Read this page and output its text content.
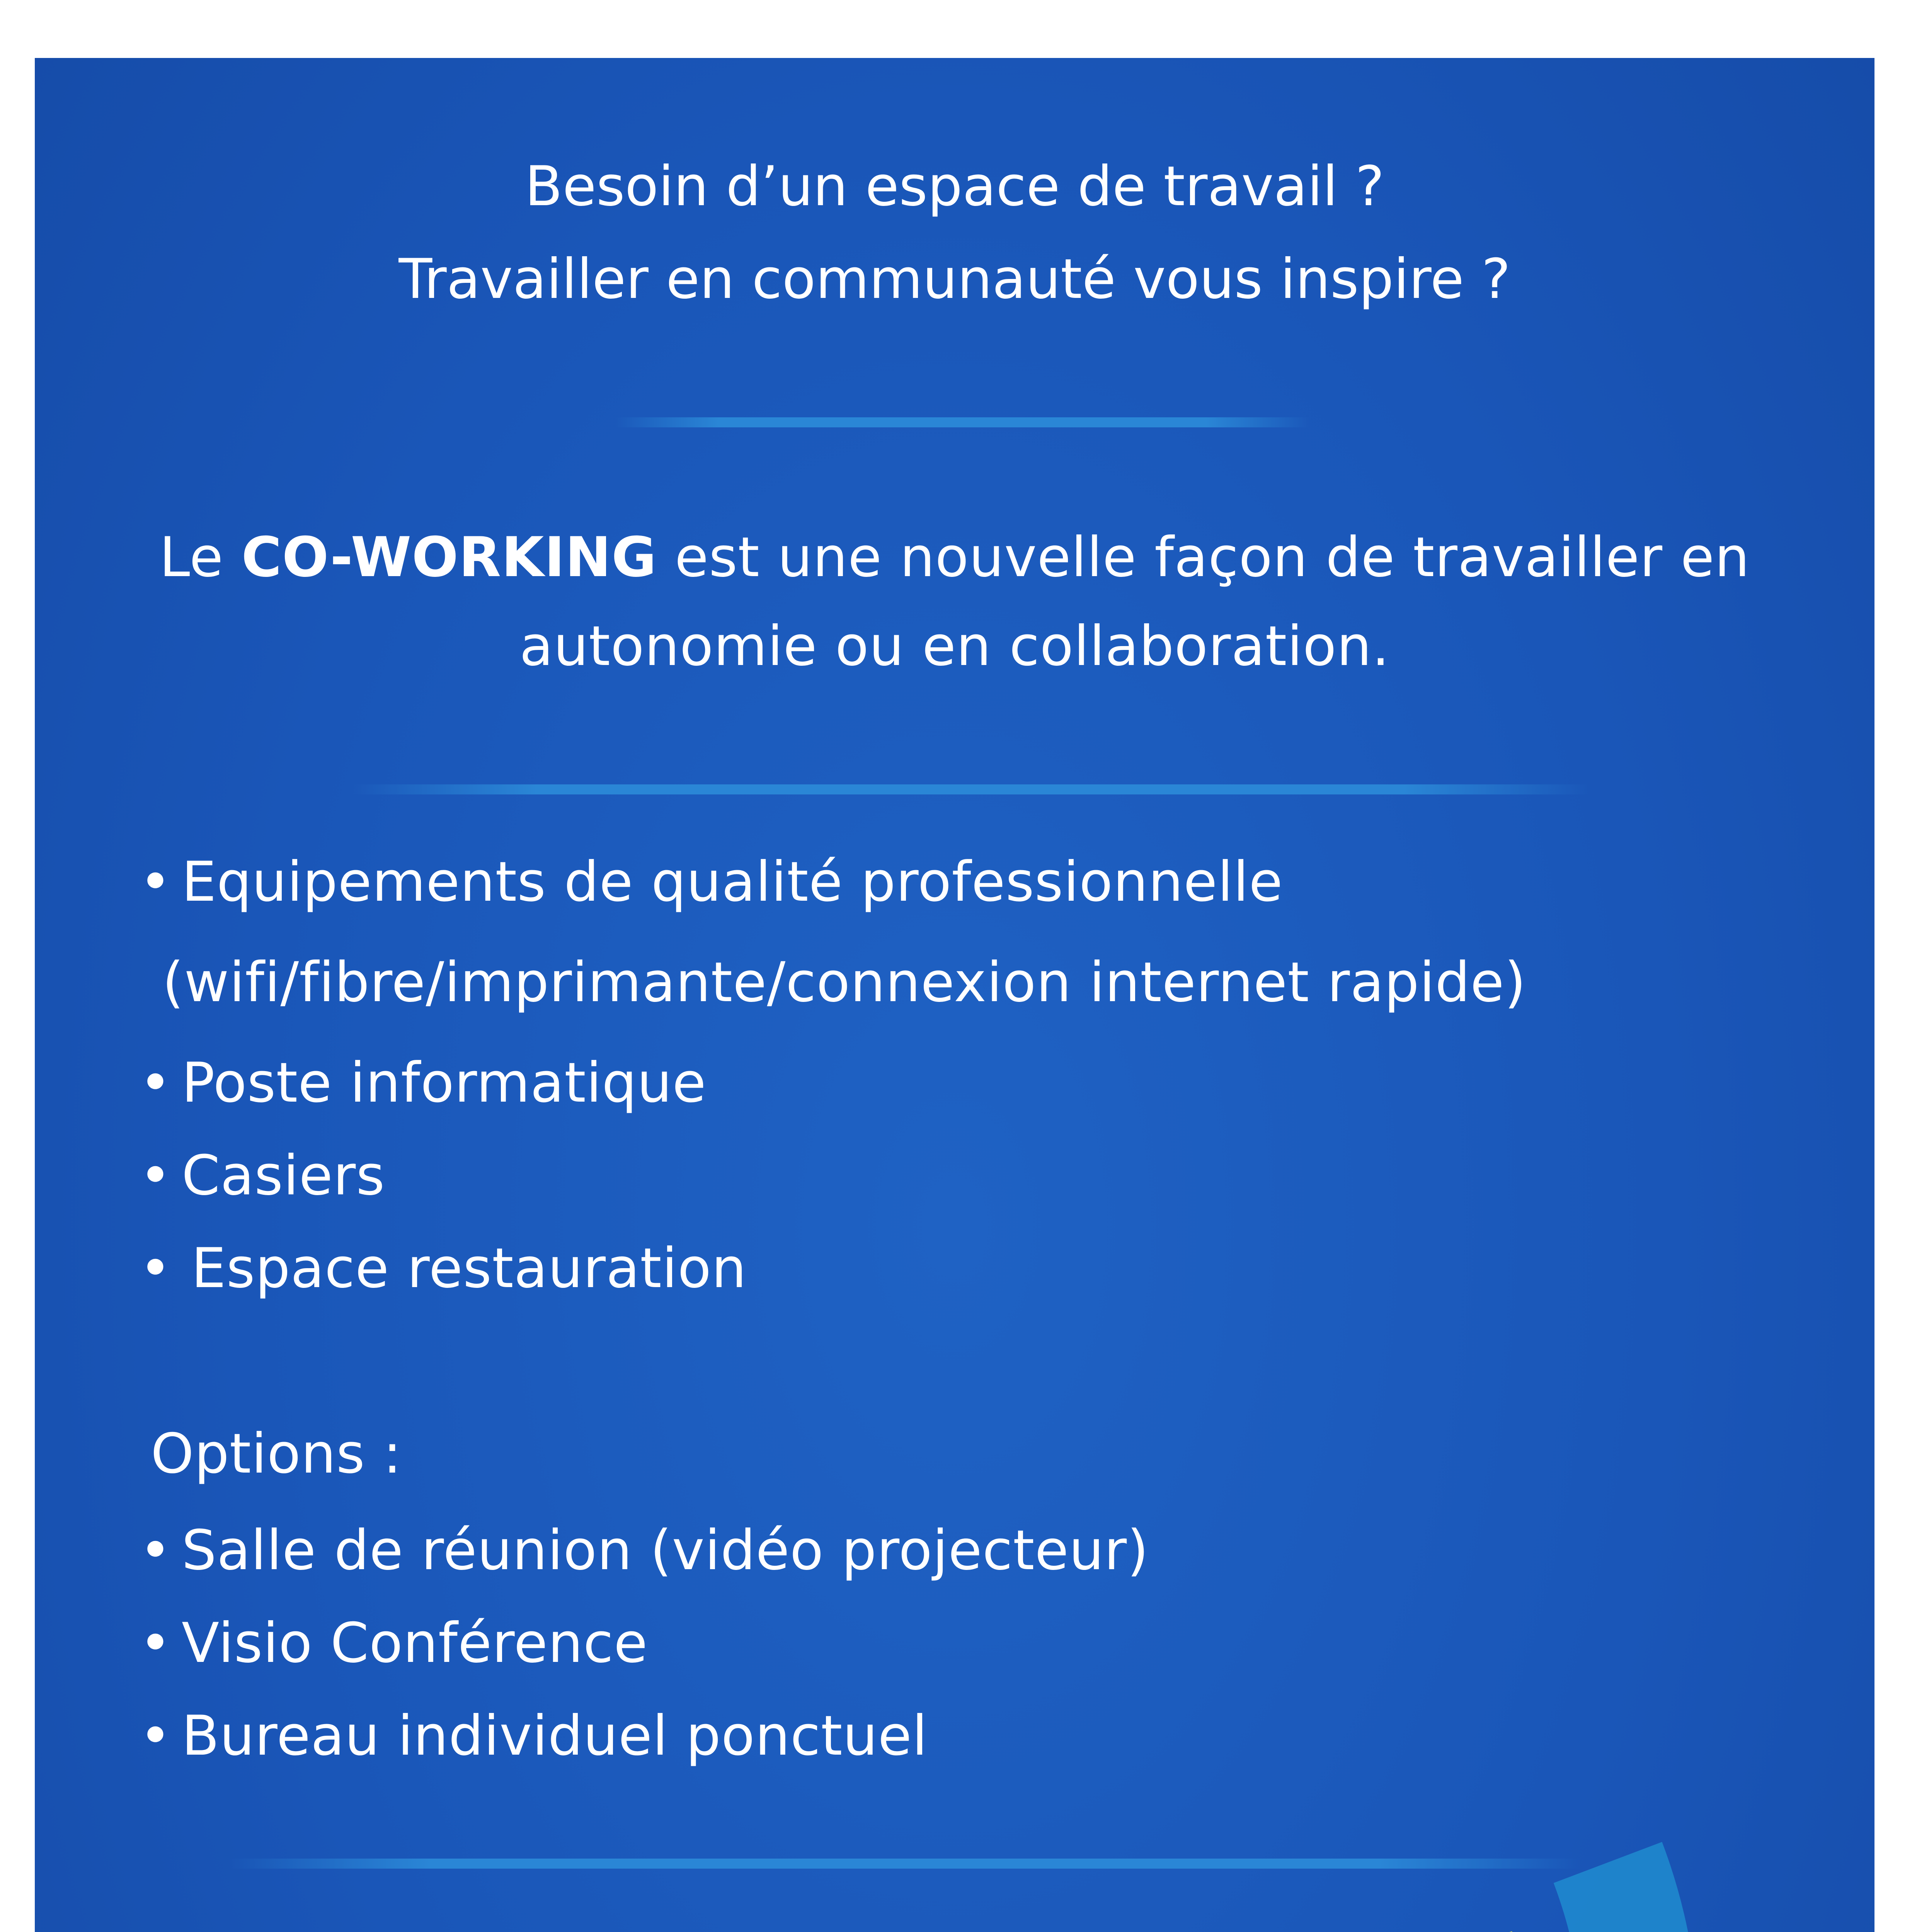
Besoin d’un espace de travail ?

Travailler en communauté vous inspire ?

Le CO-WORKING est une nouvelle façon de travailler en

autonomie ou en collaboration.

• Equipements de qualité professionnelle

(wifi/fibre/imprimante/connexion internet rapide)

• Poste informatique
• Casiers
• Espace restauration

Options :

• Salle de réunion (vidéo projecteur)
• Visio Conférence
• Bureau individuel ponctuel
